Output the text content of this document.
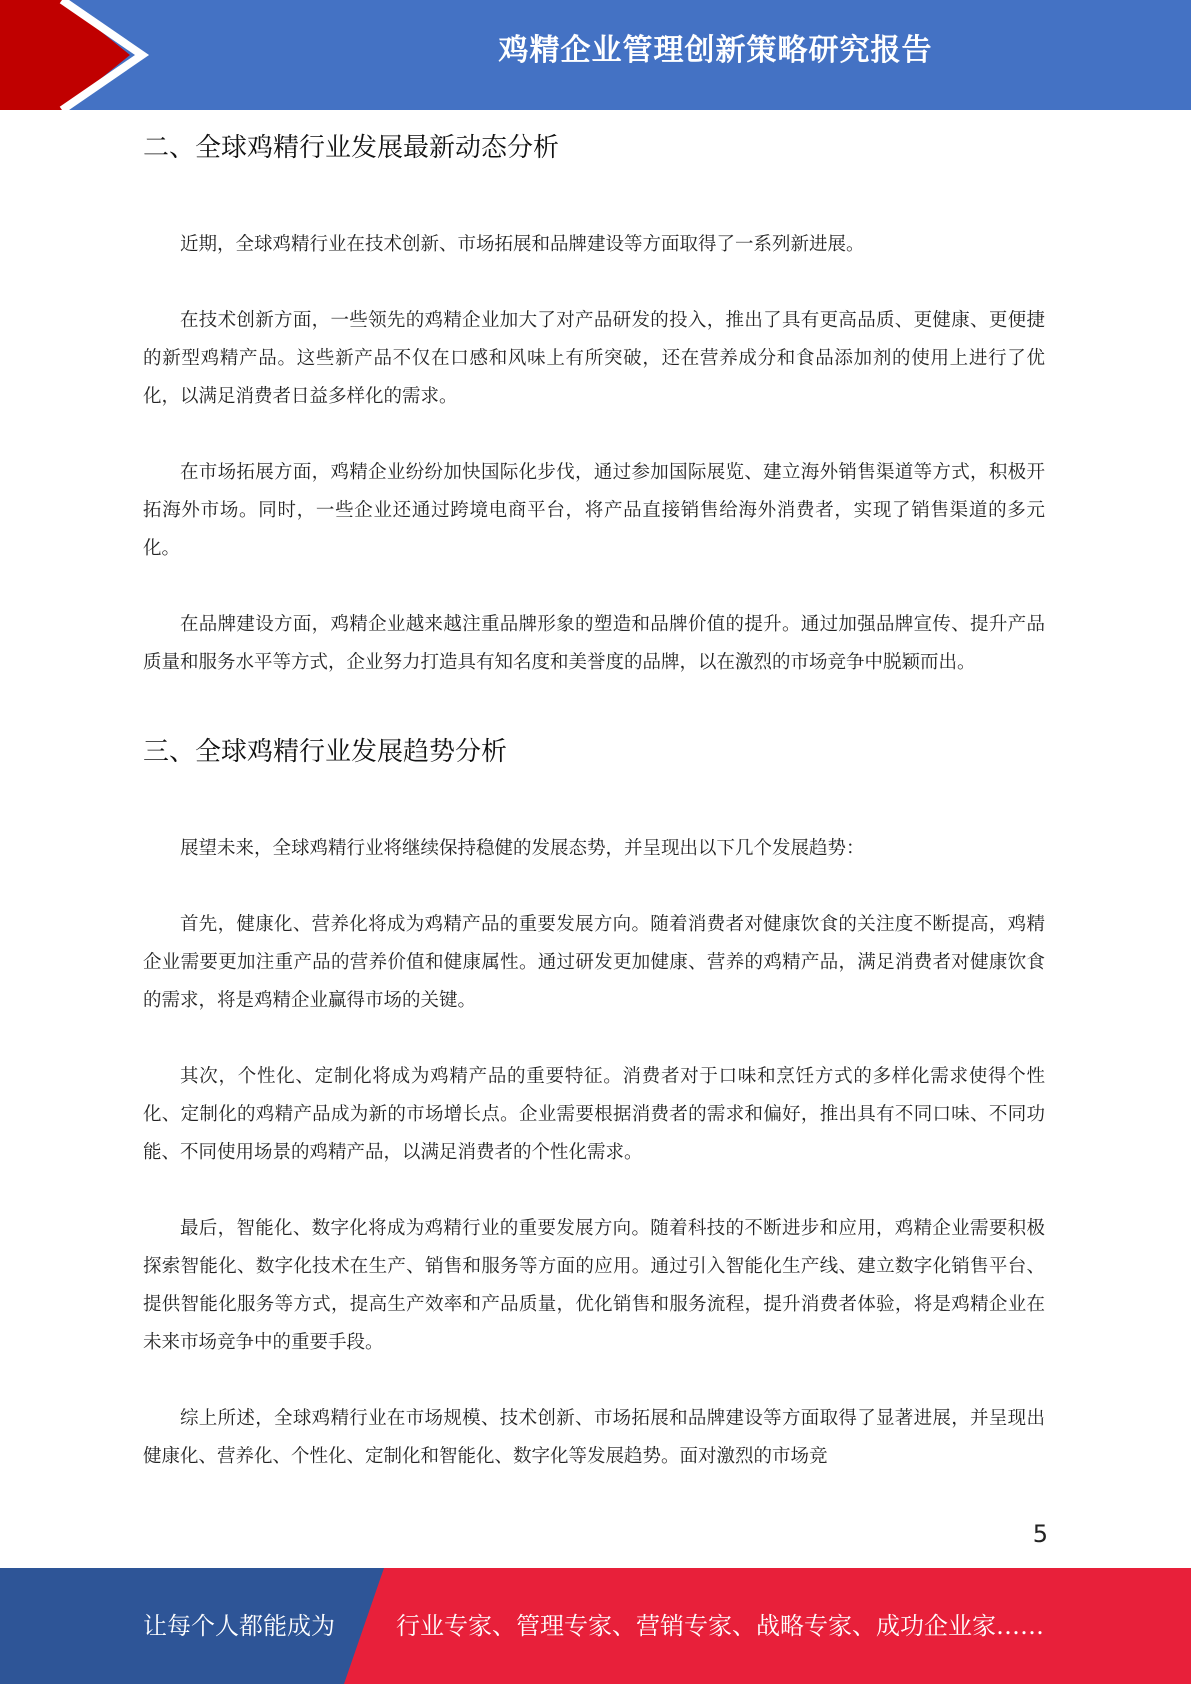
鸡精企业管理创新策略研究报告
二、全球鸡精行业发展最新动态分析

近期，全球鸡精行业在技术创新、市场拓展和品牌建设等方面取得了一系列新进展。

在技术创新方面，一些领先的鸡精企业加大了对产品研发的投入，推出了具有更高品质、更健康、更便捷的新型鸡精产品。这些新产品不仅在口感和风味上有所突破，还在营养成分和食品添加剂的使用上进行了优化，以满足消费者日益多样化的需求。

在市场拓展方面，鸡精企业纷纷加快国际化步伐，通过参加国际展览、建立海外销售渠道等方式，积极开拓海外市场。同时，一些企业还通过跨境电商平台，将产品直接销售给海外消费者，实现了销售渠道的多元化。

在品牌建设方面，鸡精企业越来越注重品牌形象的塑造和品牌价值的提升。通过加强品牌宣传、提升产品质量和服务水平等方式，企业努力打造具有知名度和美誉度的品牌，以在激烈的市场竞争中脱颖而出。

三、全球鸡精行业发展趋势分析

展望未来，全球鸡精行业将继续保持稳健的发展态势，并呈现出以下几个发展趋势：

首先，健康化、营养化将成为鸡精产品的重要发展方向。随着消费者对健康饮食的关注度不断提高，鸡精企业需要更加注重产品的营养价值和健康属性。通过研发更加健康、营养的鸡精产品，满足消费者对健康饮食的需求，将是鸡精企业赢得市场的关键。

其次，个性化、定制化将成为鸡精产品的重要特征。消费者对于口味和烹饪方式的多样化需求使得个性化、定制化的鸡精产品成为新的市场增长点。企业需要根据消费者的需求和偏好，推出具有不同口味、不同功能、不同使用场景的鸡精产品，以满足消费者的个性化需求。

最后，智能化、数字化将成为鸡精行业的重要发展方向。随着科技的不断进步和应用，鸡精企业需要积极探索智能化、数字化技术在生产、销售和服务等方面的应用。通过引入智能化生产线、建立数字化销售平台、提供智能化服务等方式，提高生产效率和产品质量，优化销售和服务流程，提升消费者体验，将是鸡精企业在未来市场竞争中的重要手段。

综上所述，全球鸡精行业在市场规模、技术创新、市场拓展和品牌建设等方面取得了显著进展，并呈现出健康化、营养化、个性化、定制化和智能化、数字化等发展趋势。面对激烈的市场竞

5
让每个人都能成为	行业专家、管理专家、营销专家、战略专家、成功企业家……
